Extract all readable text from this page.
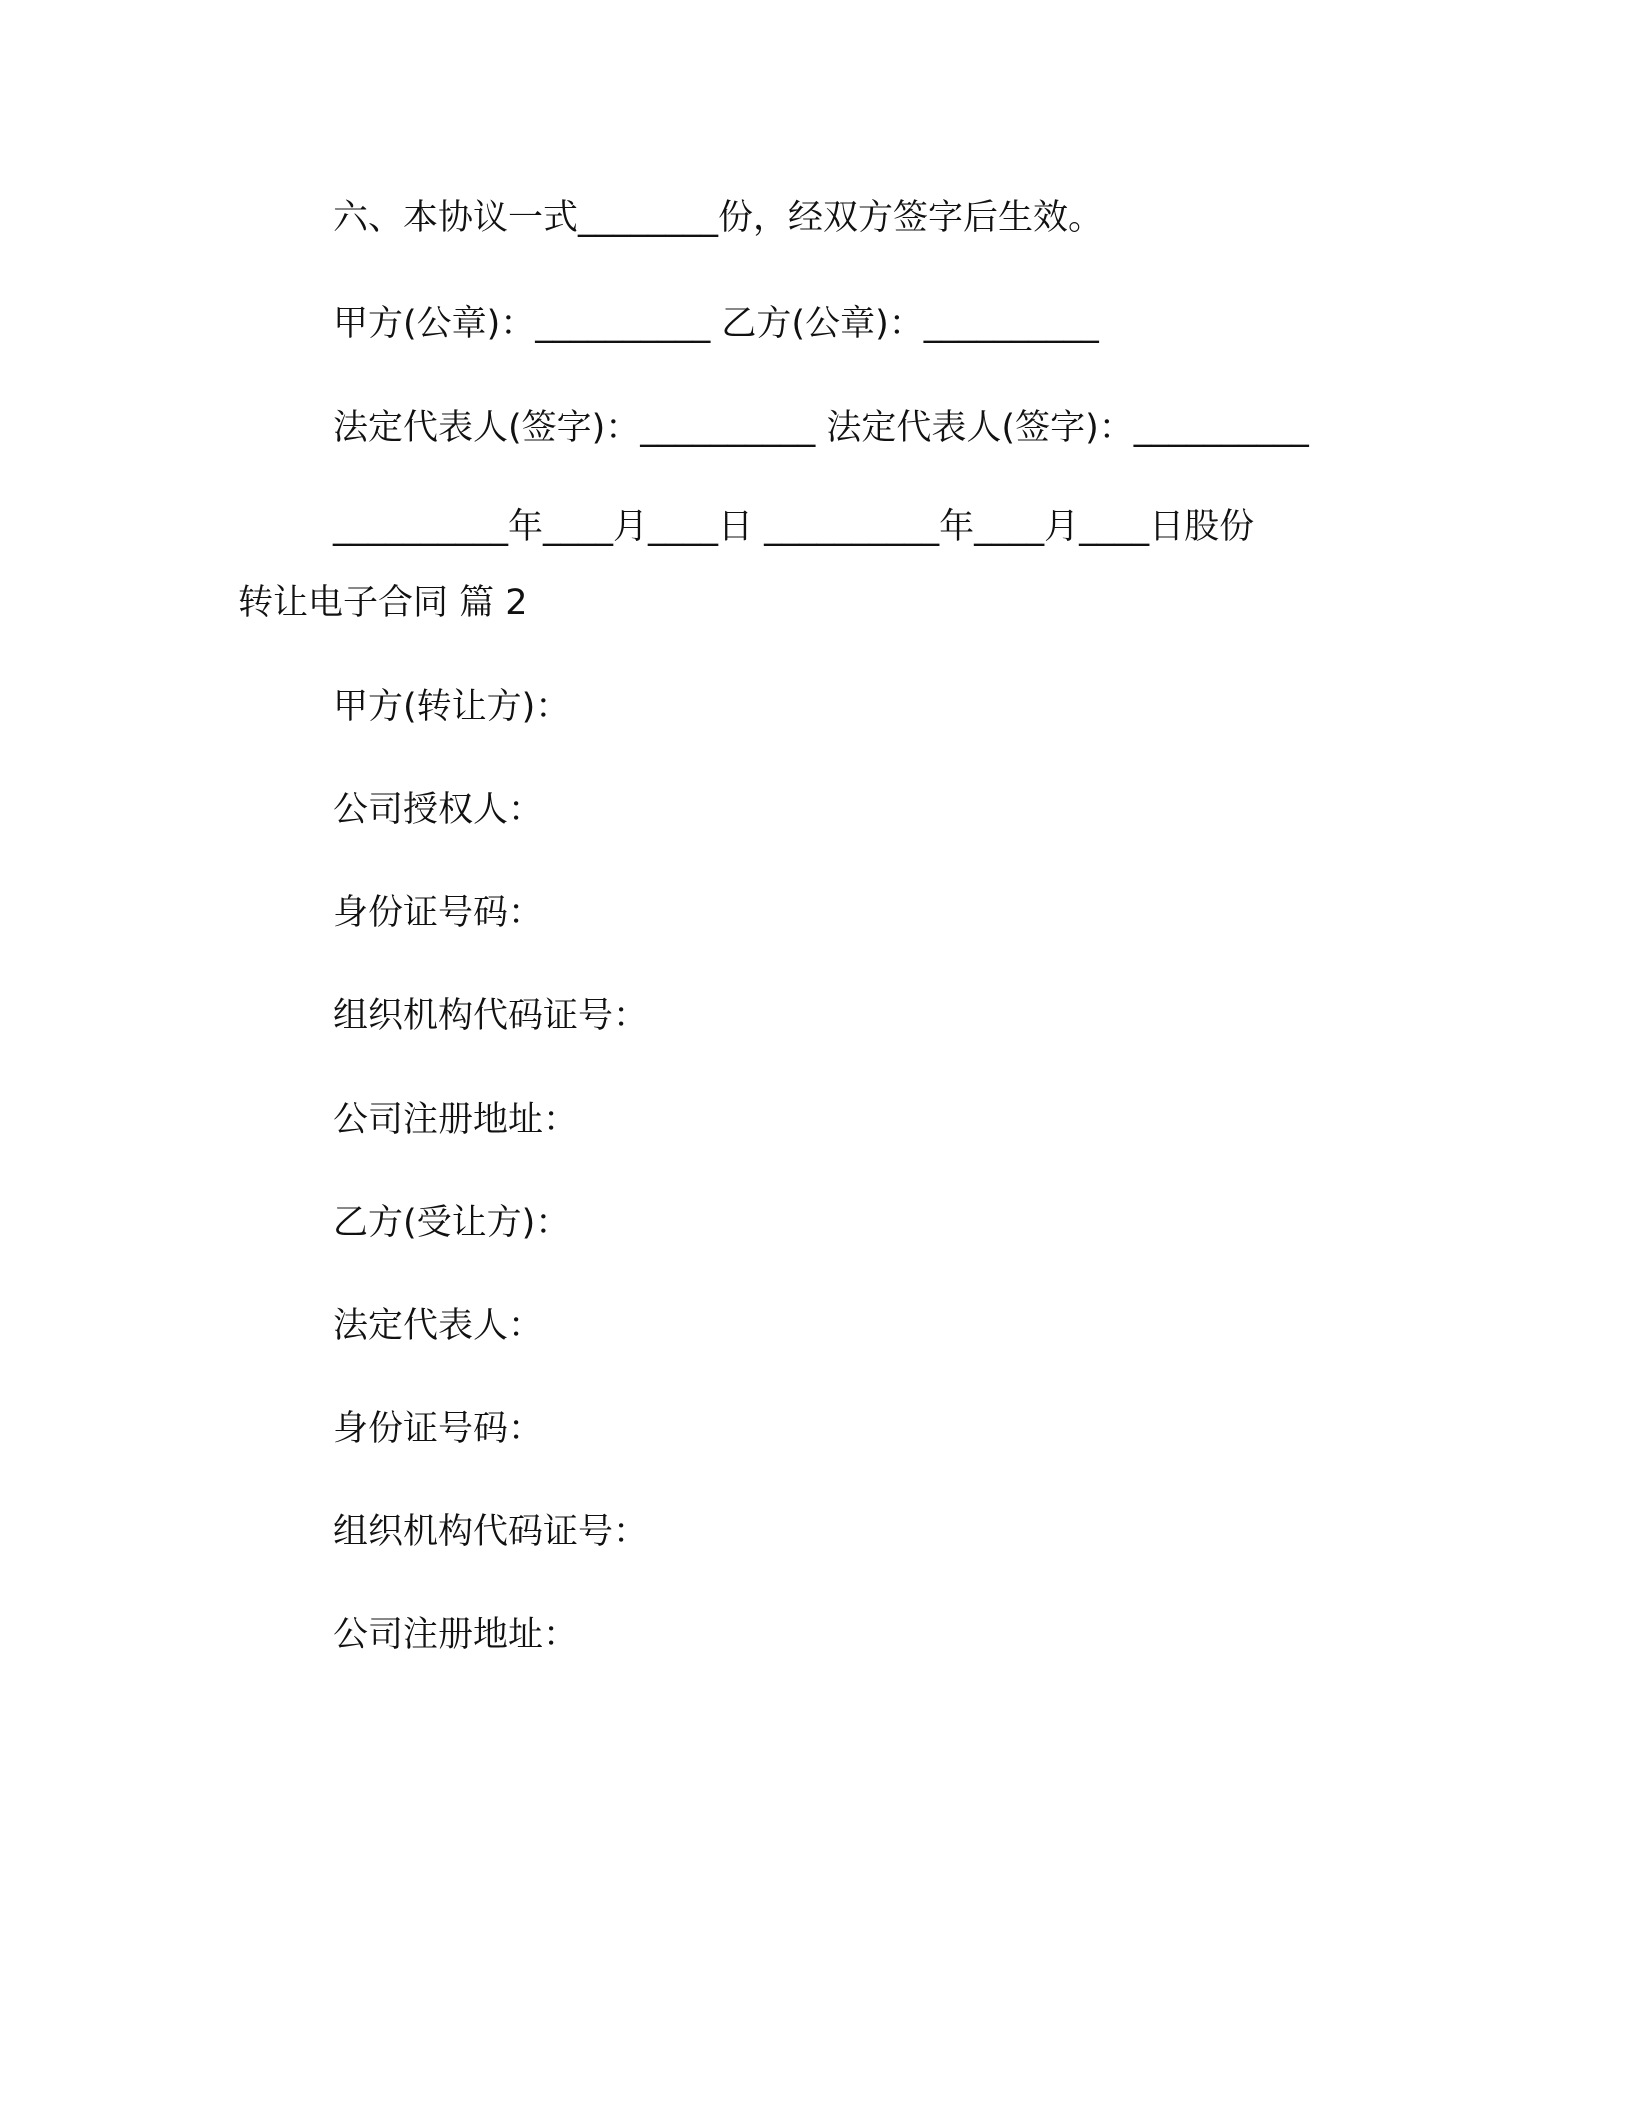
六、本协议一式________份，经双方签字后生效。
甲方(公章)：__________ 乙方(公章)：__________
法定代表人(签字)：__________ 法定代表人(签字)：__________
__________年____月____日 __________年____月____日股份
转让电子合同 篇 2
甲方(转让方)：
公司授权人：
身份证号码：
组织机构代码证号：
公司注册地址：
乙方(受让方)：
法定代表人：
身份证号码：
组织机构代码证号：
公司注册地址：
